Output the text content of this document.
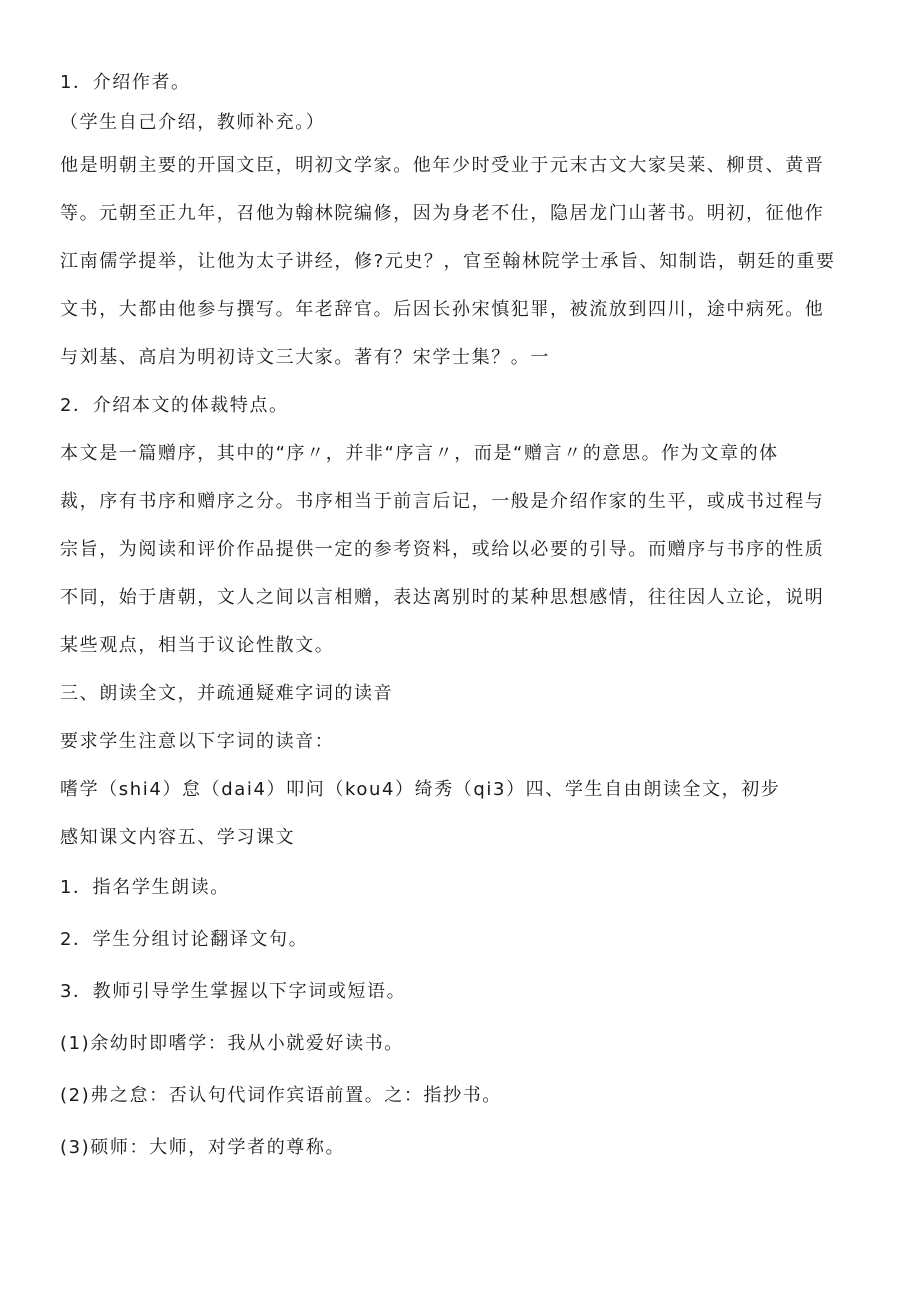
1．介绍作者。

（学生自己介绍，教师补充。）

他是明朝主要的开国文臣，明初文学家。他年少时受业于元末古文大家吴莱、柳贯、黄晋
等。元朝至正九年，召他为翰林院编修，因为身老不仕，隐居龙门山著书。明初，征他作
江南儒学提举，让他为太子讲经，修?元史？，官至翰林院学士承旨、知制诰，朝廷的重要
文书，大都由他参与撰写。年老辞官。后因长孙宋慎犯罪，被流放到四川，途中病死。他
与刘基、高启为明初诗文三大家。著有？宋学士集？。一

2．介绍本文的体裁特点。

本文是一篇赠序，其中的“序〃，并非“序言〃，而是“赠言〃的意思。作为文章的体
裁，序有书序和赠序之分。书序相当于前言后记，一般是介绍作家的生平，或成书过程与
宗旨，为阅读和评价作品提供一定的参考资料，或给以必要的引导。而赠序与书序的性质
不同，始于唐朝，文人之间以言相赠，表达离别时的某种思想感情，往往因人立论，说明
某些观点，相当于议论性散文。

三、朗读全文，并疏通疑难字词的读音

要求学生注意以下字词的读音：

嗜学（shi4）怠（dai4）叩问（kou4）绮秀（qi3）四、学生自由朗读全文，初步
感知课文内容五、学习课文
1．指名学生朗读。
2．学生分组讨论翻译文句。
3．教师引导学生掌握以下字词或短语。
(1)余幼时即嗜学：我从小就爱好读书。
(2)弗之怠：否认句代词作宾语前置。之：指抄书。
(3)硕师：大师，对学者的尊称。
